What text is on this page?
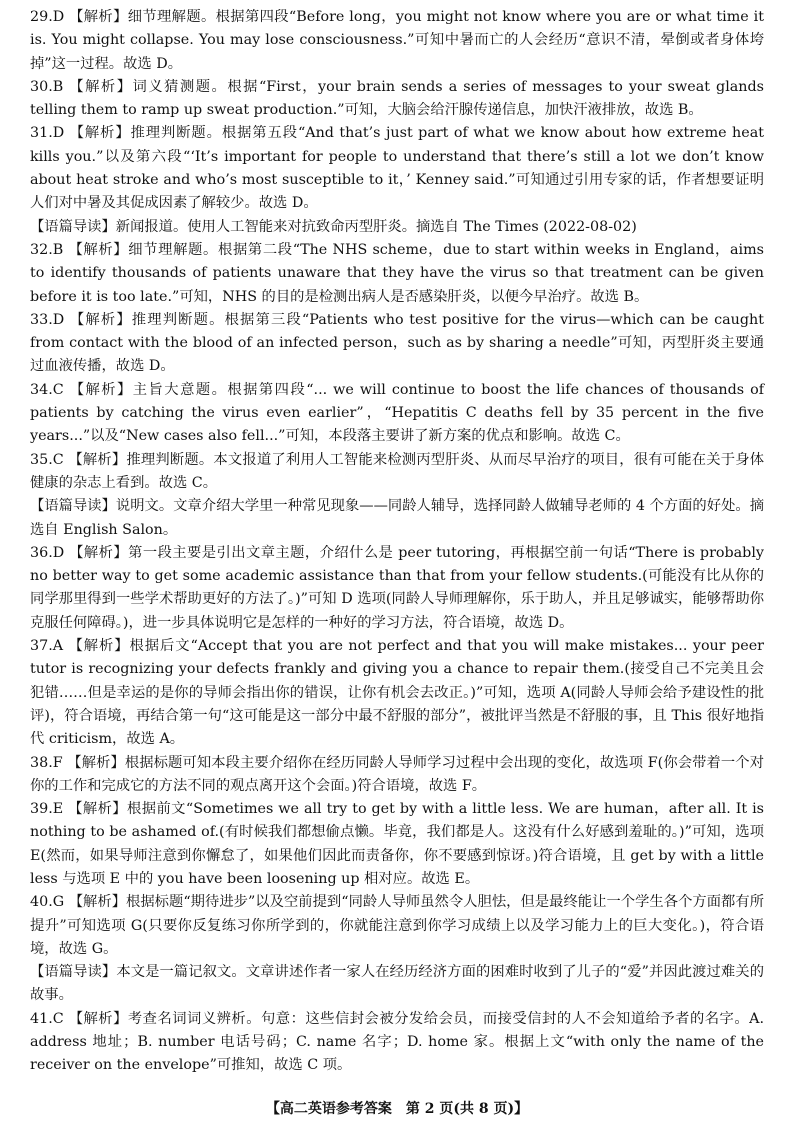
29.D 【解析】细节理解题。根据第四段“Before long，you might not know where you are or what time it is. You might collapse. You may lose consciousness.”可知中暑而亡的人会经历“意识不清，晕倒或者身体垮掉”这一过程。故选 D。

30.B 【解析】词义猜测题。根据“First，your brain sends a series of messages to your sweat glands telling them to ramp up sweat production.”可知，大脑会给汗腺传递信息，加快汗液排放，故选 B。

31.D 【解析】推理判断题。根据第五段“And that’s just part of what we know about how extreme heat kills you.”以及第六段“‘It’s important for people to understand that there’s still a lot we don’t know about heat stroke and who’s most susceptible to it，’ Kenney said.”可知通过引用专家的话，作者想要证明人们对中暑及其促成因素了解较少。故选 D。

【语篇导读】新闻报道。使用人工智能来对抗致命丙型肝炎。摘选自 The Times (2022-08-02)

32.B 【解析】细节理解题。根据第二段“The NHS scheme，due to start within weeks in England，aims to identify thousands of patients unaware that they have the virus so that treatment can be given before it is too late.”可知，NHS 的目的是检测出病人是否感染肝炎，以便今早治疗。故选 B。

33.D 【解析】推理判断题。根据第三段“Patients who test positive for the virus—which can be caught from contact with the blood of an infected person，such as by sharing a needle”可知，丙型肝炎主要通过血液传播，故选 D。

34.C 【解析】主旨大意题。根据第四段“... we will continue to boost the life chances of thousands of patients by catching the virus even earlier”，“Hepatitis C deaths fell by 35 percent in the five years...”以及“New cases also fell...”可知，本段落主要讲了新方案的优点和影响。故选 C。

35.C 【解析】推理判断题。本文报道了利用人工智能来检测丙型肝炎、从而尽早治疗的项目，很有可能在关于身体健康的杂志上看到。故选 C。

【语篇导读】说明文。文章介绍大学里一种常见现象——同龄人辅导，选择同龄人做辅导老师的 4 个方面的好处。摘选自 English Salon。

36.D 【解析】第一段主要是引出文章主题，介绍什么是 peer tutoring，再根据空前一句话“There is probably no better way to get some academic assistance than that from your fellow students.(可能没有比从你的同学那里得到一些学术帮助更好的方法了。)”可知 D 选项(同龄人导师理解你，乐于助人，并且足够诚实，能够帮助你克服任何障碍。)，进一步具体说明它是怎样的一种好的学习方法，符合语境，故选 D。

37.A 【解析】根据后文“Accept that you are not perfect and that you will make mistakes... your peer tutor is recognizing your defects frankly and giving you a chance to repair them.(接受自己不完美且会犯错……但是幸运的是你的导师会指出你的错误，让你有机会去改正。)”可知，选项 A(同龄人导师会给予建设性的批评)，符合语境，再结合第一句“这可能是这一部分中最不舒服的部分”，被批评当然是不舒服的事，且 This 很好地指代 criticism，故选 A。

38.F 【解析】根据标题可知本段主要介绍你在经历同龄人导师学习过程中会出现的变化，故选项 F(你会带着一个对你的工作和完成它的方法不同的观点离开这个会面。)符合语境，故选 F。

39.E 【解析】根据前文“Sometimes we all try to get by with a little less. We are human，after all. It is nothing to be ashamed of.(有时候我们都想偷点懒。毕竟，我们都是人。这没有什么好感到羞耻的。)”可知，选项 E(然而，如果导师注意到你懈怠了，如果他们因此而责备你，你不要感到惊讶。)符合语境，且 get by with a little less 与选项 E 中的 you have been loosening up 相对应。故选 E。

40.G 【解析】根据标题“期待进步”以及空前提到“同龄人导师虽然令人胆怯，但是最终能让一个学生各个方面都有所提升”可知选项 G(只要你反复练习你所学到的，你就能注意到你学习成绩上以及学习能力上的巨大变化。)，符合语境，故选 G。

【语篇导读】本文是一篇记叙文。文章讲述作者一家人在经历经济方面的困难时收到了儿子的“爱”并因此渡过难关的故事。

41.C 【解析】考查名词词义辨析。句意：这些信封会被分发给会员，而接受信封的人不会知道给予者的名字。A. address 地址；B. number 电话号码；C. name 名字；D. home 家。根据上文“with only the name of the receiver on the envelope”可推知，故选 C 项。

【高二英语参考答案　第 2 页(共 8 页)】
